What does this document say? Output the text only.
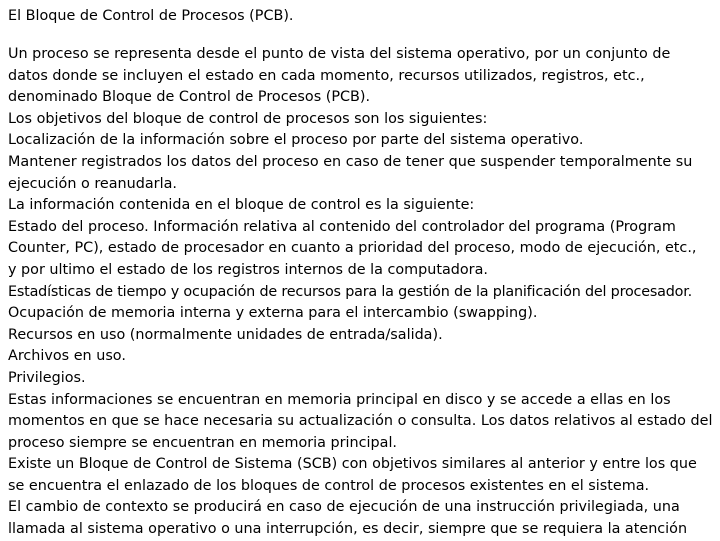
El Bloque de Control de Procesos (PCB).
Un proceso se representa desde el punto de vista del sistema operativo, por un conjunto de
datos donde se incluyen el estado en cada momento, recursos utilizados, registros, etc.,
denominado Bloque de Control de Procesos (PCB).
Los objetivos del bloque de control de procesos son los siguientes:
Localización de la información sobre el proceso por parte del sistema operativo.
Mantener registrados los datos del proceso en caso de tener que suspender temporalmente su
ejecución o reanudarla.
La información contenida en el bloque de control es la siguiente:
Estado del proceso. Información relativa al contenido del controlador del programa (Program
Counter, PC), estado de procesador en cuanto a prioridad del proceso, modo de ejecución, etc.,
y por ultimo el estado de los registros internos de la computadora.
Estadísticas de tiempo y ocupación de recursos para la gestión de la planificación del procesador.
Ocupación de memoria interna y externa para el intercambio (swapping).
Recursos en uso (normalmente unidades de entrada/salida).
Archivos en uso.
Privilegios.
Estas informaciones se encuentran en memoria principal en disco y se accede a ellas en los
momentos en que se hace necesaria su actualización o consulta. Los datos relativos al estado del
proceso siempre se encuentran en memoria principal.
Existe un Bloque de Control de Sistema (SCB) con objetivos similares al anterior y entre los que
se encuentra el enlazado de los bloques de control de procesos existentes en el sistema.
El cambio de contexto se producirá en caso de ejecución de una instrucción privilegiada, una
llamada al sistema operativo o una interrupción, es decir, siempre que se requiera la atención
